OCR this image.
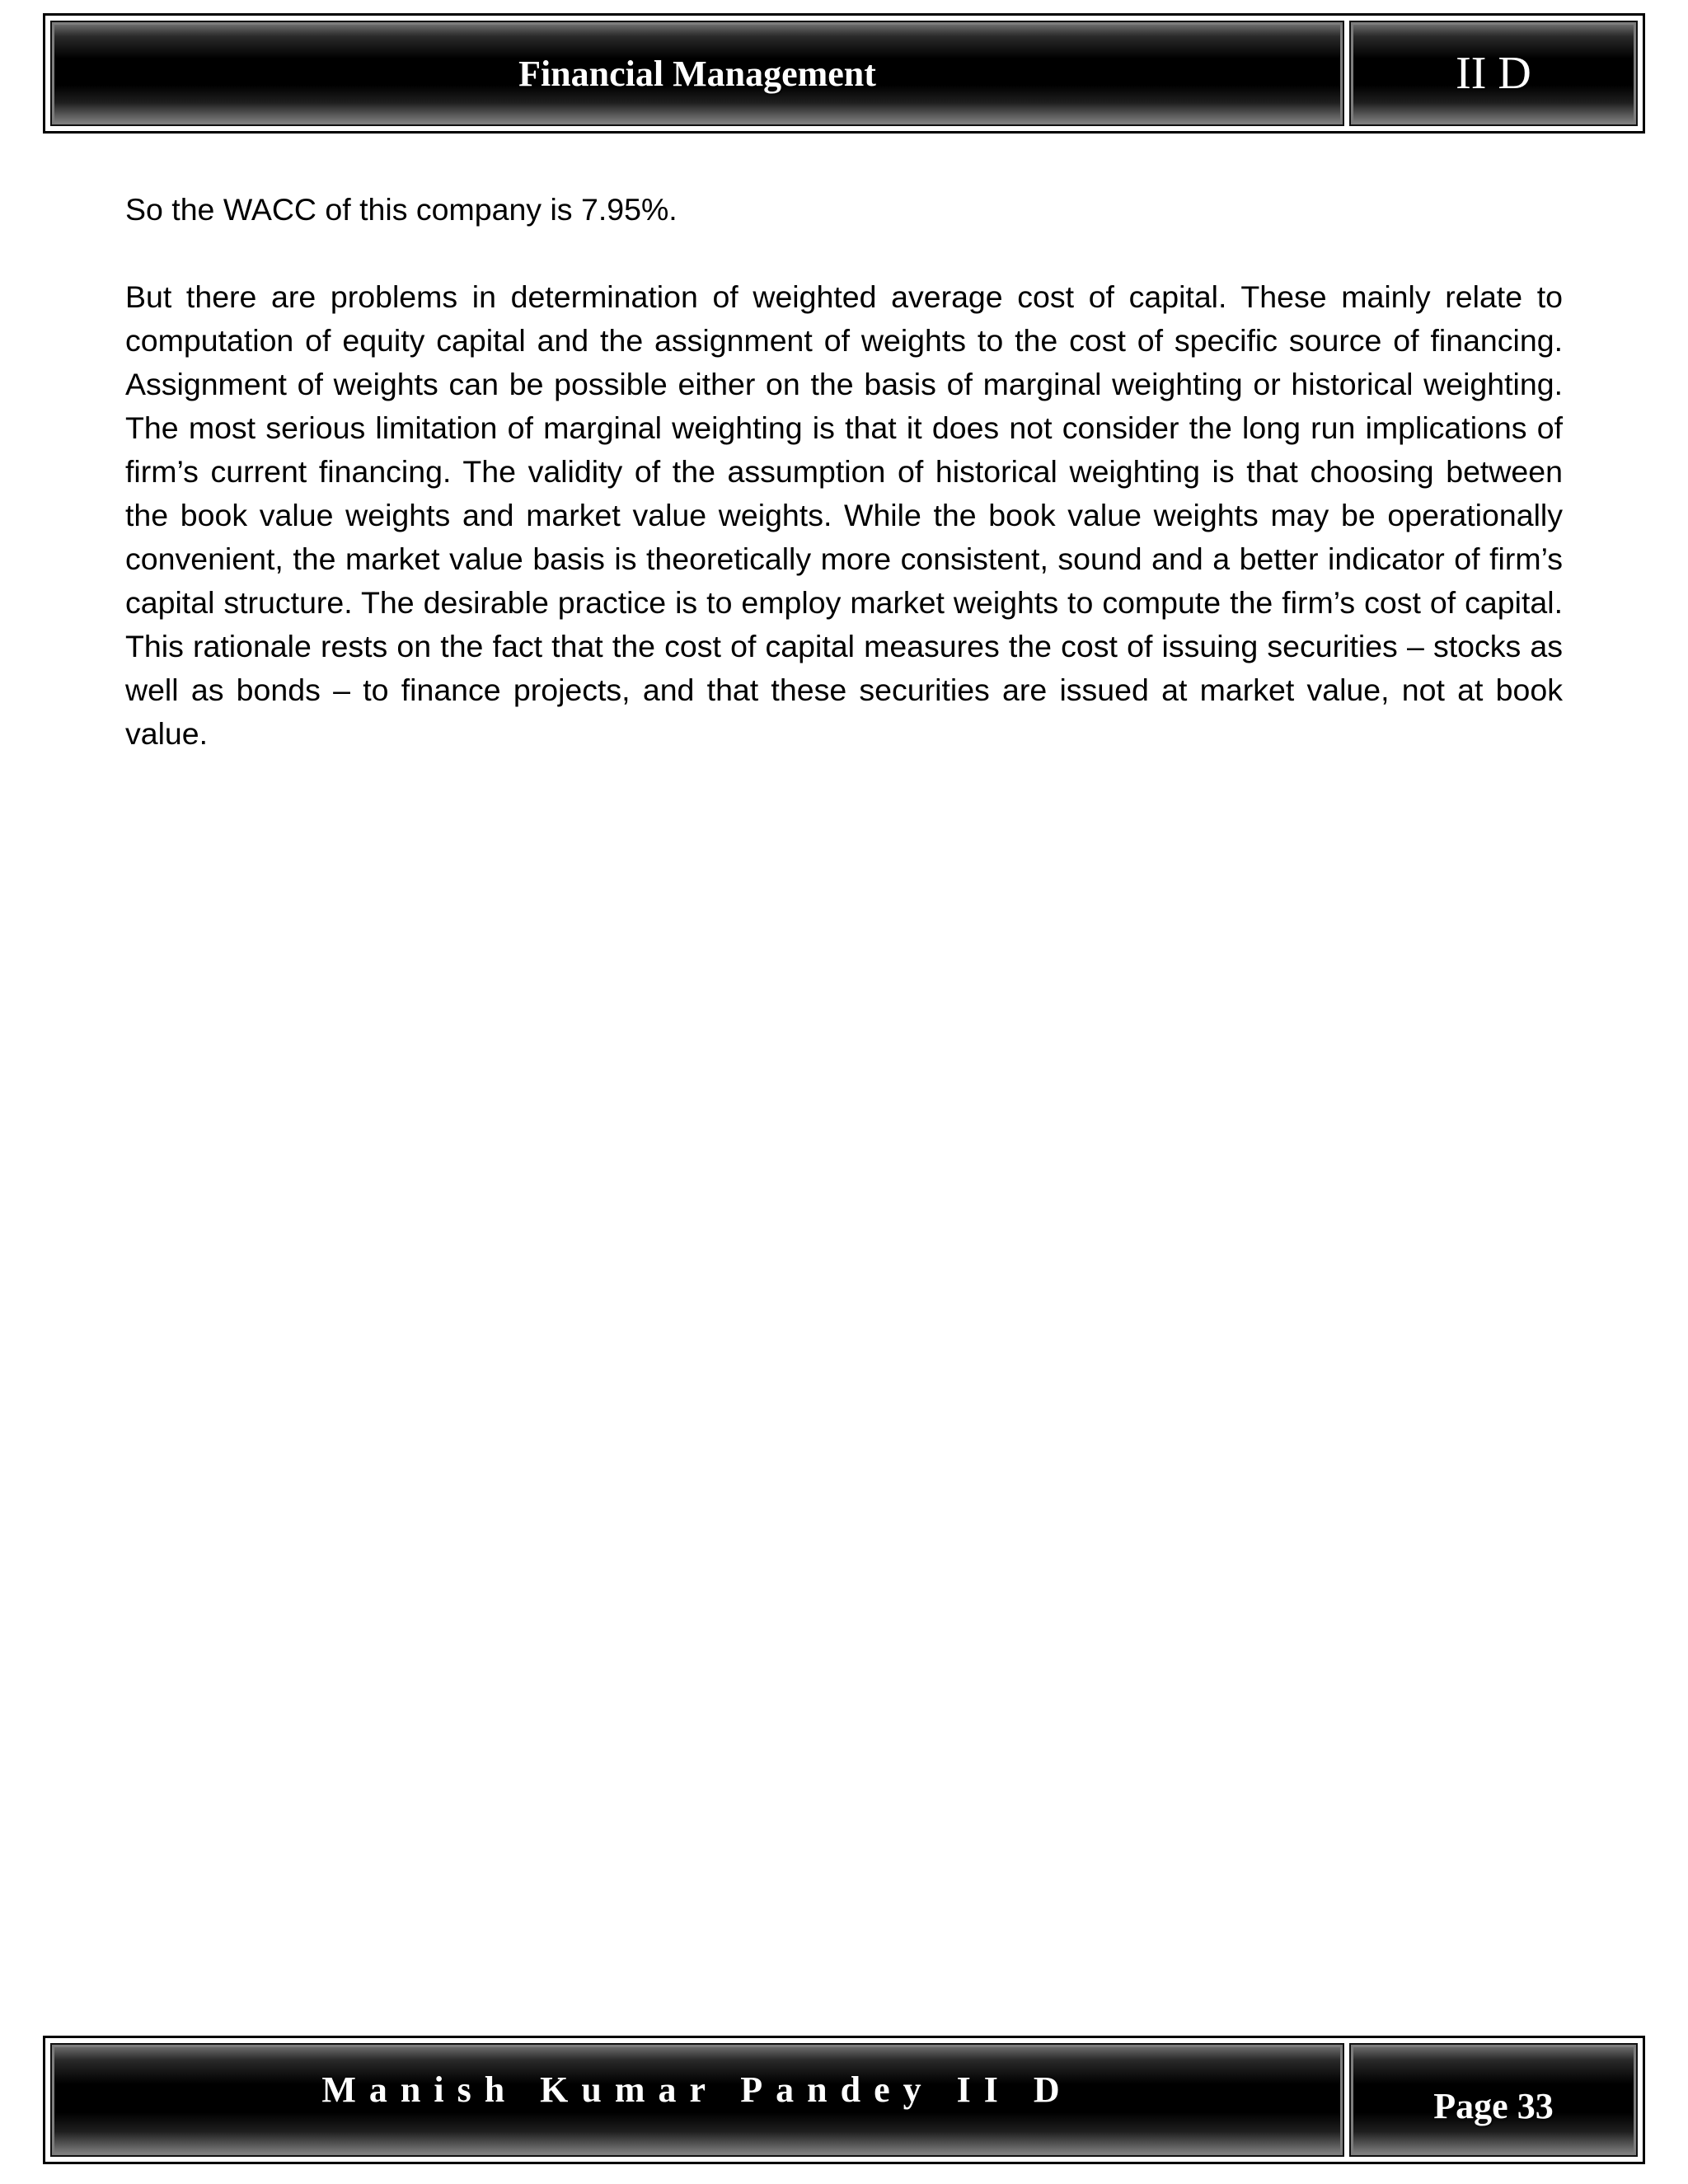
Financial Management	II D

So the WACC of this company is 7.95%.

But there are problems in determination of weighted average cost of capital. These mainly relate to computation of equity capital and the assignment of weights to the cost of specific source of financing. Assignment of weights can be possible either on the basis of marginal weighting or historical weighting. The most serious limitation of marginal weighting is that it does not consider the long run implications of firm’s current financing. The validity of the assumption of historical weighting is that choosing between the book value weights and market value weights. While the book value weights may be operationally convenient, the market value basis is theoretically more consistent, sound and a better indicator of firm’s capital structure. The desirable practice is to employ market weights to compute the firm’s cost of capital. This rationale rests on the fact that the cost of capital measures the cost of issuing securities – stocks as well as bonds – to finance projects, and that these securities are issued at market value, not at book value.

Manish Kumar Pandey II D	Page 33
